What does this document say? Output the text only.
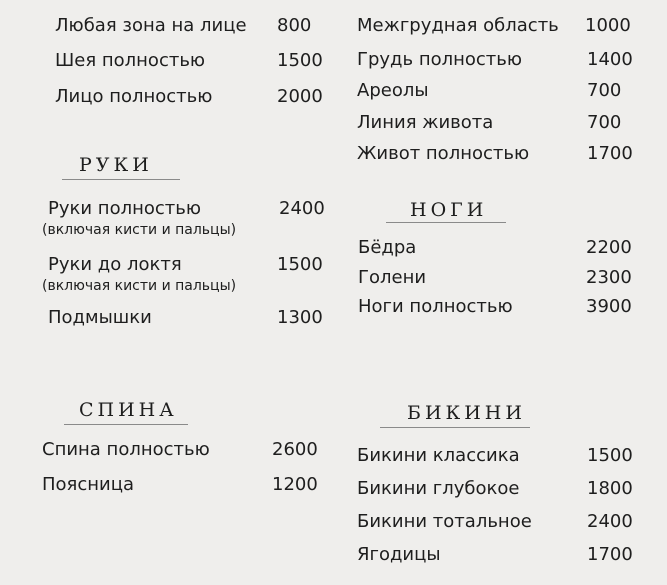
Любая зона на лице 800
Шея полностью	1500
Лицо полностью	2000
Межгрудная область 1000
Грудь полностью	1400
Ареолы	700
Линия живота	700
Живот полностью	1700
РУКИ
Руки полностью	2400
(включая кисти и пальцы)
Руки до локтя	1500
(включая кисти и пальцы)
Подмышки	1300
НОГИ
Бёдра	2200
Голени	2300
Ноги полностью	3900
СПИНА
Спина полностью	2600
Поясница	1200
БИКИНИ
Бикини классика	1500
Бикини глубокое	1800
Бикини тотальное	2400
Ягодицы	1700
